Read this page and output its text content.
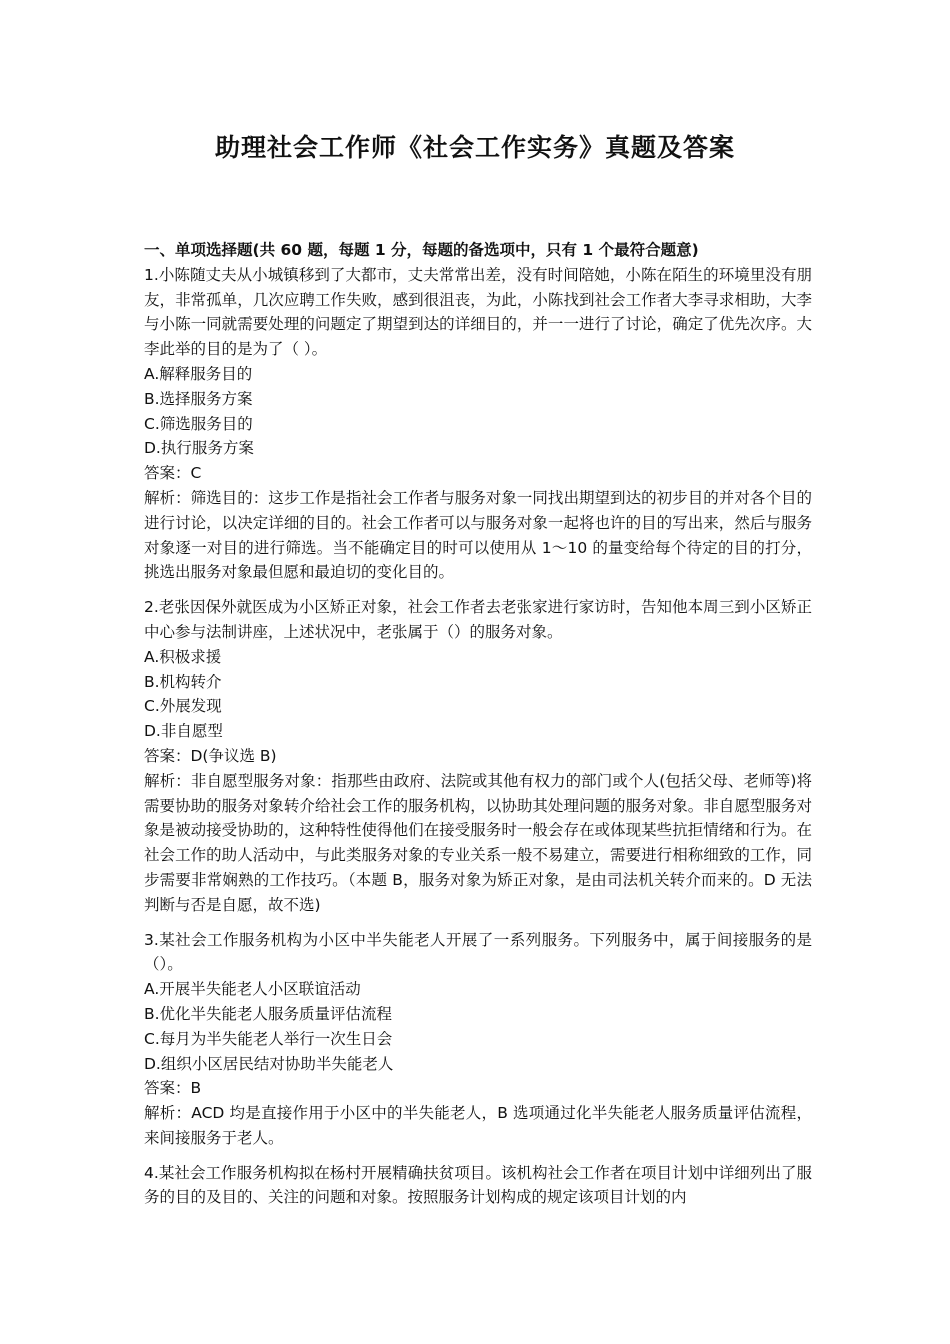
助理社会工作师《社会工作实务》真题及答案
一、单项选择题(共 60 题，每题 1 分，每题的备选项中，只有 1 个最符合题意)
1.小陈随丈夫从小城镇移到了大都市，丈夫常常出差，没有时间陪她，小陈在陌生的环境里没有朋友，非常孤单，几次应聘工作失败，感到很沮丧，为此，小陈找到社会工作者大李寻求相助，大李与小陈一同就需要处理的问题定了期望到达的详细目的，并一一进行了讨论，确定了优先次序。大李此举的目的是为了（ ）。
A.解释服务目的
B.选择服务方案
C.筛选服务目的
D.执行服务方案
答案：C
解析：筛选目的：这步工作是指社会工作者与服务对象一同找出期望到达的初步目的并对各个目的进行讨论，以决定详细的目的。社会工作者可以与服务对象一起将也许的目的写出来，然后与服务对象逐一对目的进行筛选。当不能确定目的时可以使用从 1～10 的量变给每个待定的目的打分，挑选出服务对象最但愿和最迫切的变化目的。
2.老张因保外就医成为小区矫正对象，社会工作者去老张家进行家访时，告知他本周三到小区矫正中心参与法制讲座，上述状况中，老张属于（）的服务对象。
A.积极求援
B.机构转介
C.外展发现
D.非自愿型
答案：D(争议选 B)
解析：非自愿型服务对象：指那些由政府、法院或其他有权力的部门或个人(包括父母、老师等)将需要协助的服务对象转介给社会工作的服务机构，以协助其处理问题的服务对象。非自愿型服务对象是被动接受协助的，这种特性使得他们在接受服务时一般会存在或体现某些抗拒情绪和行为。在社会工作的助人活动中，与此类服务对象的专业关系一般不易建立，需要进行相称细致的工作，同步需要非常娴熟的工作技巧。（本题 B，服务对象为矫正对象，是由司法机关转介而来的。D 无法判断与否是自愿，故不选)
3.某社会工作服务机构为小区中半失能老人开展了一系列服务。下列服务中，属于间接服务的是（）。
A.开展半失能老人小区联谊活动
B.优化半失能老人服务质量评估流程
C.每月为半失能老人举行一次生日会
D.组织小区居民结对协助半失能老人
答案：B
解析：ACD 均是直接作用于小区中的半失能老人，B 选项通过化半失能老人服务质量评估流程，来间接服务于老人。
4.某社会工作服务机构拟在杨村开展精确扶贫项目。该机构社会工作者在项目计划中详细列出了服务的目的及目的、关注的问题和对象。按照服务计划构成的规定该项目计划的内
